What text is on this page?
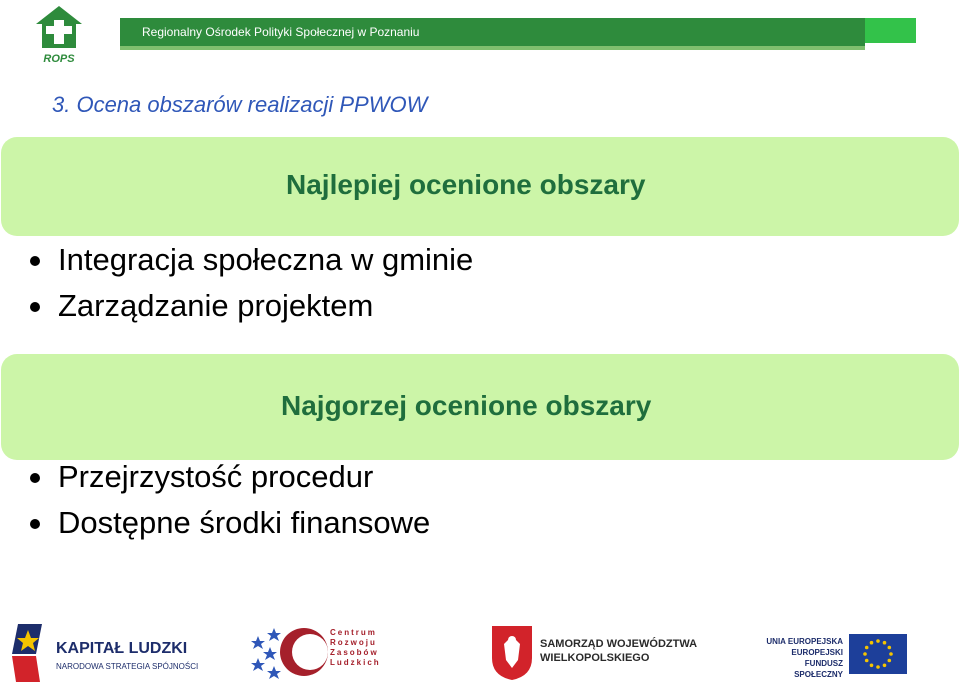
ROPS
Regionalny Ośrodek Polityki Społecznej w Poznaniu
3. Ocena obszarów realizacji PPWOW
Najlepiej ocenione obszary
Integracja społeczna w gminie
Zarządzanie projektem
Najgorzej ocenione obszary
Przejrzystość procedur
Dostępne środki finansowe
KAPITAŁ LUDZKI
NARODOWA STRATEGIA SPÓJNOŚCI
Centrum
Rozwoju
Zasobów
Ludzkich
SAMORZĄD WOJEWÓDZTWA
WIELKOPOLSKIEGO
UNIA EUROPEJSKA
EUROPEJSKI
FUNDUSZ SPOŁECZNY
